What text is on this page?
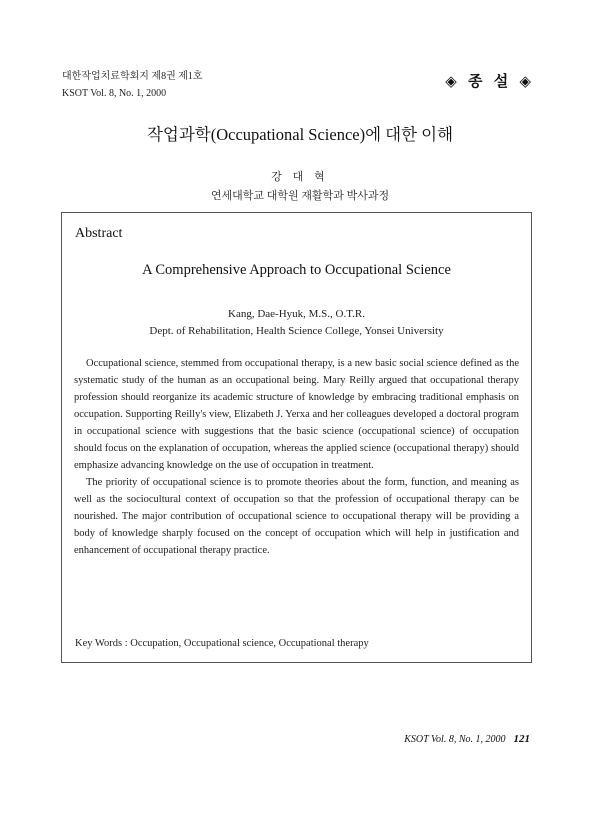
대한작업치료학회지 제8권 제1호
KSOT Vol. 8, No. 1, 2000
◈ 종 설 ◈
작업과학(Occupational Science)에 대한 이해
강 대 혁
연세대학교 대학원 재활학과 박사과정
Abstract
A Comprehensive Approach to Occupational Science
Kang, Dae-Hyuk, M.S., O.T.R.
Dept. of Rehabilitation, Health Science College, Yonsei University

Occupational science, stemmed from occupational therapy, is a new basic social science defined as the systematic study of the human as an occupational being. Mary Reilly argued that occupational therapy profession should reorganize its academic structure of knowledge by embracing traditional emphasis on occupation. Supporting Reilly's view, Elizabeth J. Yerxa and her colleagues developed a doctoral program in occupational science with suggestions that the basic science (occupational science) of occupation should focus on the explanation of occupation, whereas the applied science (occupational therapy) should emphasize advancing knowledge on the use of occupation in treatment.

The priority of occupational science is to promote theories about the form, function, and meaning as well as the sociocultural context of occupation so that the profession of occupational therapy can be nourished. The major contribution of occupational science to occupational therapy will be providing a body of knowledge sharply focused on the concept of occupation which will help in justification and enhancement of occupational therapy practice.

Key Words : Occupation, Occupational science, Occupational therapy
KSOT Vol. 8, No. 1, 2000 121
